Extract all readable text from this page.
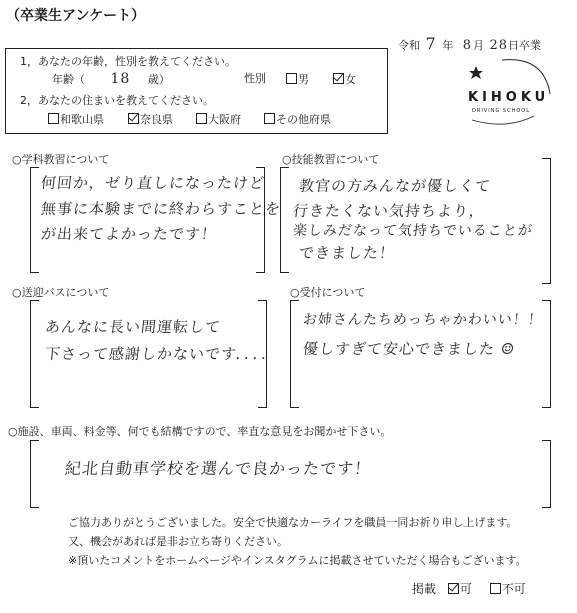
（卒業生アンケート）
令和 7 年 8月 28日卒業
KIHOKU
DRIVING SCHOOL
1，あなたの年齢，性別を教えてください。
年齢（ 18 歳）	性別	男	女
2，あなたの住まいを教えてください。
和歌山県	奈良県	大阪府	その他府県
○学科教習について
何回か，ゼり直しになったけど
無事に本験までに終わらすことを
が出来てよかったです！
○技能教習について
教官の方みんなが優しくて
行きたくない気持ちより，
楽しみだなって気持ちでいることが
できました！
○送迎バスについて
あんなに長い間運転して
下さって感謝しかないです．．．．
○受付について
お姉さんたちめっちゃかわいい！！
優しすぎて安心できました ☺
○施設、車両、料金等、何でも結構ですので、率直な意見をお聞かせ下さい。
紀北自動車学校を選んで良かったです！
ご協力ありがとうございました。安全で快適なカーライフを職員一同お祈り申し上げます。
又、機会があれば是非お立ち寄りください。
※頂いたコメントをホームページやインスタグラムに掲載させていただく場合もございます。
掲載 可 不可
